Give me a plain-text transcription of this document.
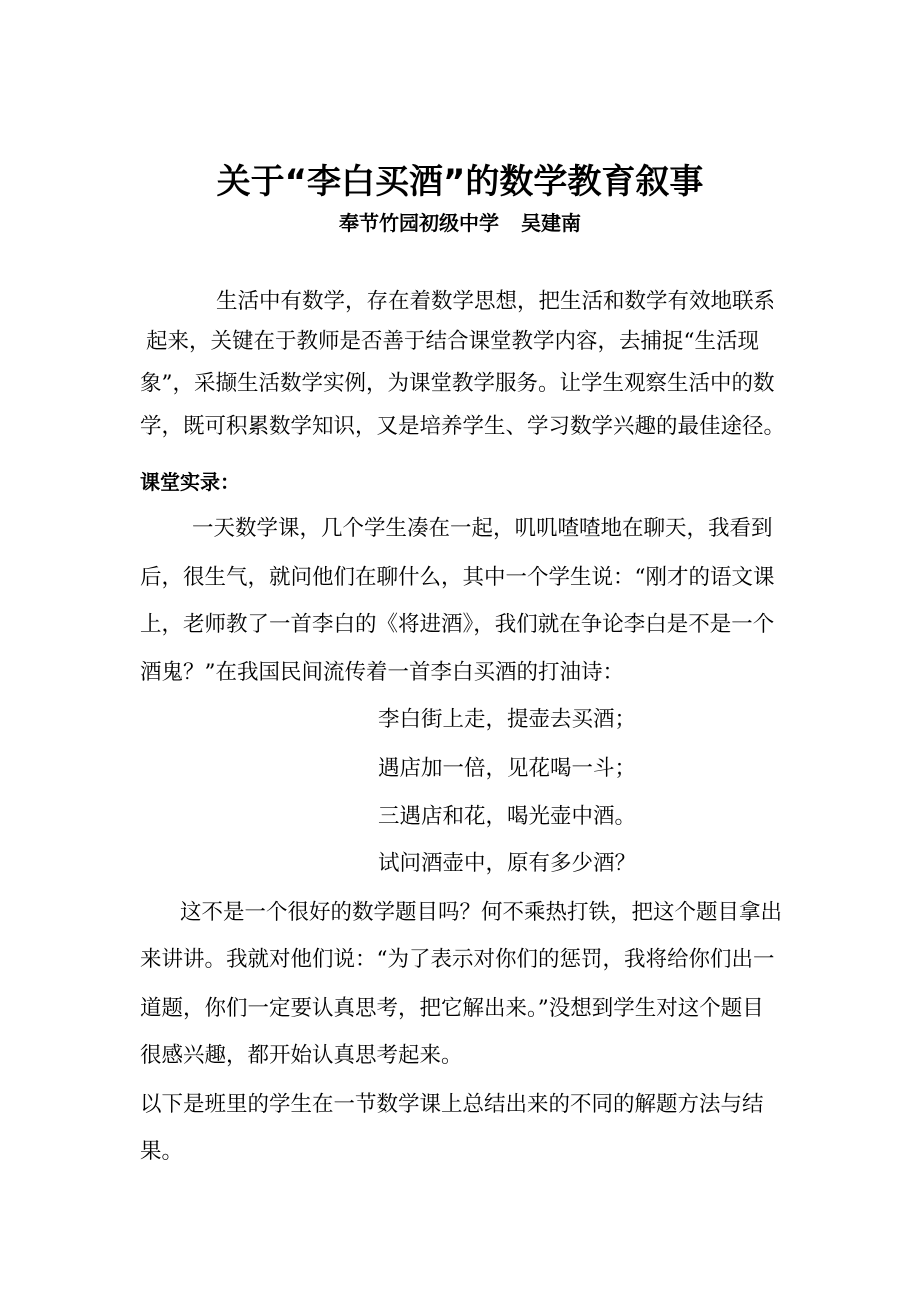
关于“李白买酒”的数学教育叙事
奉节竹园初级中学 吴建南
生活中有数学，存在着数学思想，把生活和数学有效地联系
起来，关键在于教师是否善于结合课堂教学内容，去捕捉“生活现
象”，采撷生活数学实例，为课堂教学服务。让学生观察生活中的数
学，既可积累数学知识，又是培养学生、学习数学兴趣的最佳途径。
课堂实录：
一天数学课，几个学生凑在一起，叽叽喳喳地在聊天，我看到
后，很生气，就问他们在聊什么，其中一个学生说：“刚才的语文课
上，老师教了一首李白的《将进酒》，我们就在争论李白是不是一个
酒鬼？”在我国民间流传着一首李白买酒的打油诗：
李白街上走，提壶去买酒；
遇店加一倍，见花喝一斗；
三遇店和花，喝光壶中酒。
试问酒壶中，原有多少酒？
这不是一个很好的数学题目吗？何不乘热打铁，把这个题目拿出
来讲讲。我就对他们说：“为了表示对你们的惩罚，我将给你们出一
道题，你们一定要认真思考，把它解出来。”没想到学生对这个题目
很感兴趣，都开始认真思考起来。
以下是班里的学生在一节数学课上总结出来的不同的解题方法与结
果。
